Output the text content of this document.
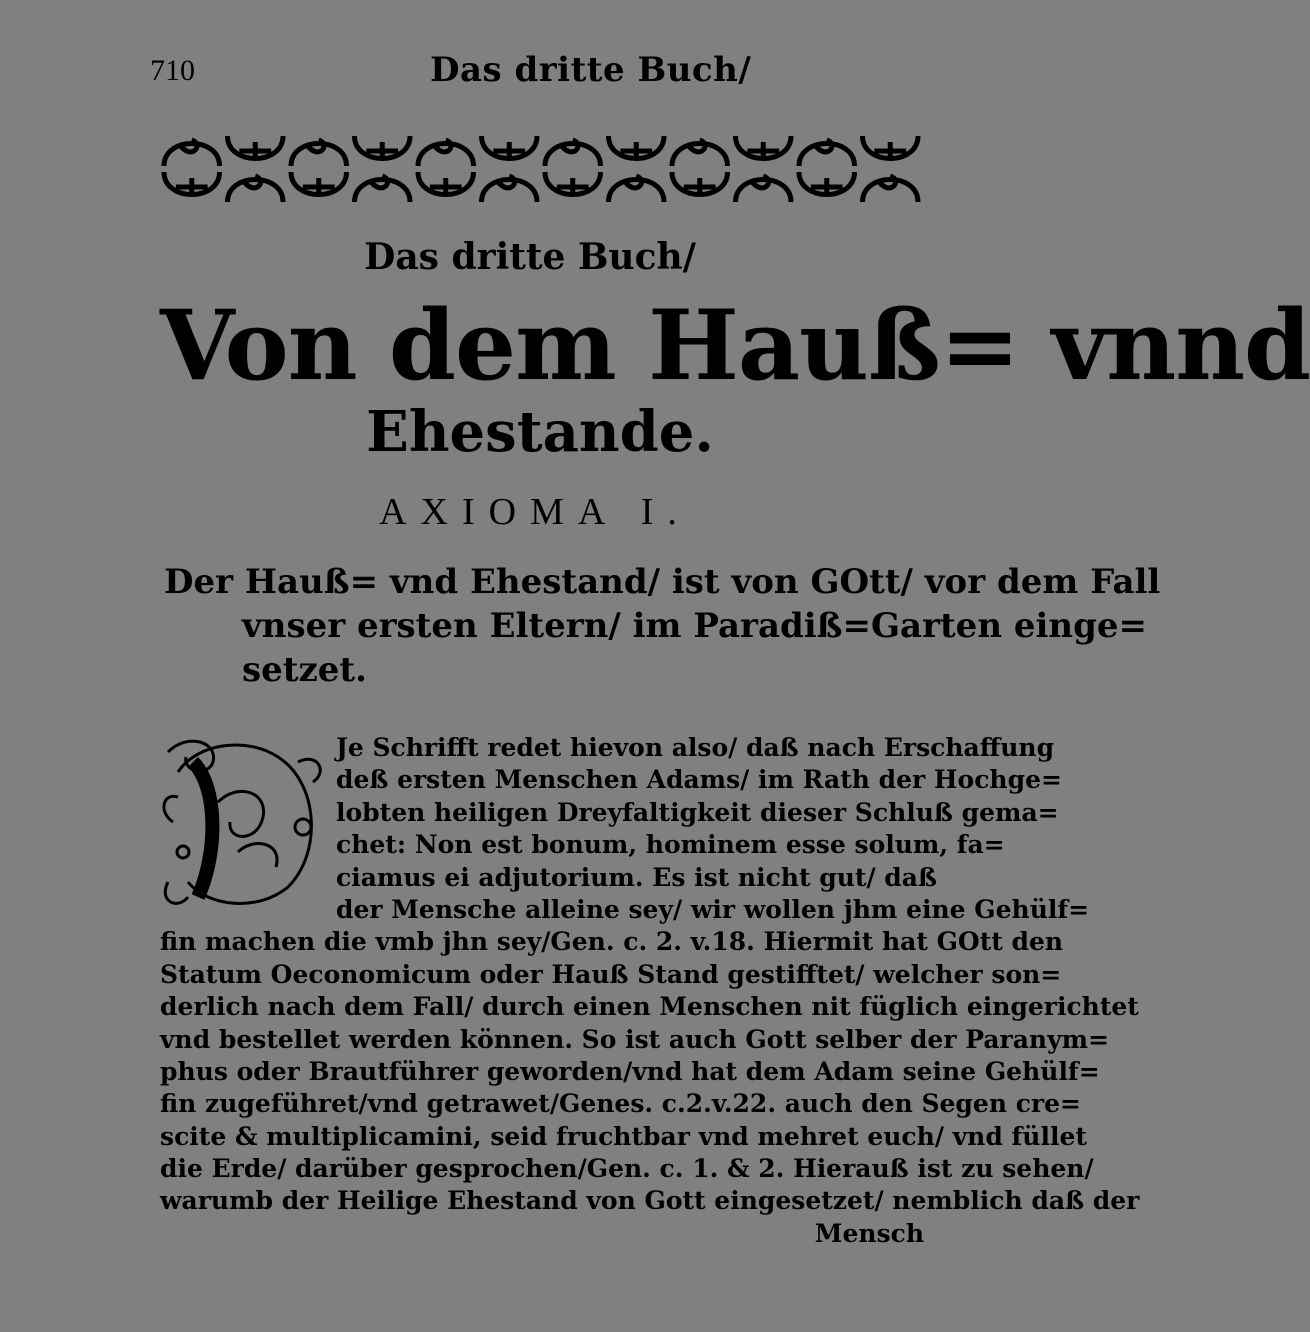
710	Das dritte Buch/
Das dritte Buch/
Von dem Hauß= vnnd
Ehestande.
AXIOMA I.
Der Hauß= vnd Ehestand/ ist von GOtt/ vor dem Fall
vnser ersten Eltern/ im Paradiß=Garten einge=
setzet.
D
Je Schrifft redet hievon also/ daß nach Erschaffung
deß ersten Menschen Adams/ im Rath der Hochge=
lobten heiligen Dreyfaltigkeit dieser Schluß gema=
chet: Non est bonum, hominem esse solum, fa=
ciamus ei adjutorium. Es ist nicht gut/ daß
der Mensche alleine sey/ wir wollen jhm eine Gehülf=
fin machen die vmb jhn sey/Gen. c. 2. v.18. Hiermit hat GOtt den
Statum Oeconomicum oder Hauß Stand gestifftet/ welcher son=
derlich nach dem Fall/ durch einen Menschen nit füglich eingerichtet
vnd bestellet werden können. So ist auch Gott selber der Paranym=
phus oder Brautführer geworden/vnd hat dem Adam seine Gehülf=
fin zugeführet/vnd getrawet/Genes. c.2.v.22. auch den Segen cre=
scite & multiplicamini, seid fruchtbar vnd mehret euch/ vnd füllet
die Erde/ darüber gesprochen/Gen. c. 1. & 2. Hierauß ist zu sehen/
warumb der Heilige Ehestand von Gott eingesetzet/ nemblich daß der
Mensch
